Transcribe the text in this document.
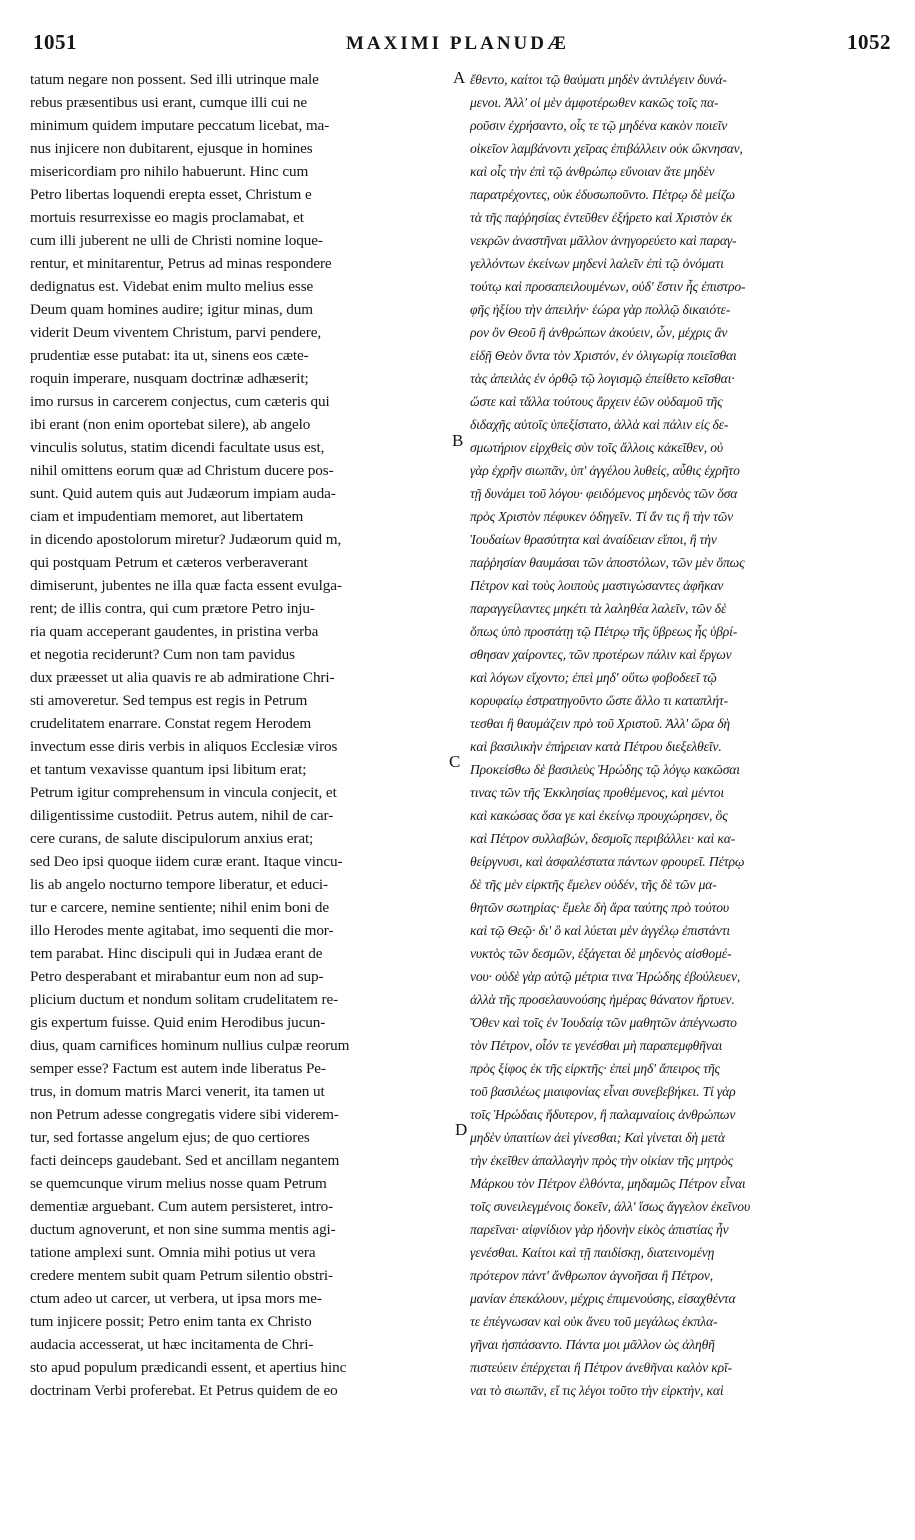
1051	MAXIMI PLANUDÆ	1052
A
B
C
D
tatum negare non possent. Sed illi utrinque male
rebus præsentibus usi erant, cumque illi cui ne
minimum quidem imputare peccatum licebat, ma-
nus injicere non dubitarent, ejusque in homines
misericordiam pro nihilo habuerunt. Hinc cum
Petro libertas loquendi erepta esset, Christum e
mortuis resurrexisse eo magis proclamabat, et
cum illi juberent ne ulli de Christi nomine loque-
rentur, et minitarentur, Petrus ad minas respondere
dedignatus est. Videbat enim multo melius esse
Deum quam homines audire; igitur minas, dum
viderit Deum viventem Christum, parvi pendere,
prudentiæ esse putabat: ita ut, sinens eos cæte-
roquin imperare, nusquam doctrinæ adhæserit;
imo rursus in carcerem conjectus, cum cæteris qui
ibi erant (non enim oportebat silere), ab angelo
vinculis solutus, statim dicendi facultate usus est,
nihil omittens eorum quæ ad Christum ducere pos-
sunt. Quid autem quis aut Judæorum impiam auda-
ciam et impudentiam memoret, aut libertatem
in dicendo apostolorum miretur? Judæorum quid m,
qui postquam Petrum et cæteros verberaverant
dimiserunt, jubentes ne illa quæ facta essent evulga-
rent; de illis contra, qui cum prætore Petro inju-
ria quam acceperant gaudentes, in pristina verba
et negotia reciderunt? Cum non tam pavidus
dux præesset ut alia quavis re ab admiratione Chri-
sti amoveretur. Sed tempus est regis in Petrum
crudelitatem enarrare. Constat regem Herodem
invectum esse diris verbis in aliquos Ecclesiæ viros
et tantum vexavisse quantum ipsi libitum erat;
Petrum igitur comprehensum in vincula conjecit, et
diligentissime custodiit. Petrus autem, nihil de car-
cere curans, de salute discipulorum anxius erat;
sed Deo ipsi quoque iidem curæ erant. Itaque vincu-
lis ab angelo nocturno tempore liberatur, et educi-
tur e carcere, nemine sentiente; nihil enim boni de
illo Herodes mente agitabat, imo sequenti die mor-
tem parabat. Hinc discipuli qui in Judæa erant de
Petro desperabant et mirabantur eum non ad sup-
plicium ductum et nondum solitam crudelitatem re-
gis expertum fuisse. Quid enim Herodibus jucun-
dius, quam carnifices hominum nullius culpæ reorum
semper esse? Factum est autem inde liberatus Pe-
trus, in domum matris Marci venerit, ita tamen ut
non Petrum adesse congregatis videre sibi viderem-
tur, sed fortasse angelum ejus; de quo certiores
facti deinceps gaudebant. Sed et ancillam negantem
se quemcunque virum melius nosse quam Petrum
dementiæ arguebant. Cum autem persisteret, intro-
ductum agnoverunt, et non sine summa mentis agi-
tatione amplexi sunt. Omnia mihi potius ut vera
credere mentem subit quam Petrum silentio obstri-
ctum adeo ut carcer, ut verbera, ut ipsa mors me-
tum injicere possit; Petro enim tanta ex Christo
audacia accesserat, ut hæc incitamenta de Chri-
sto apud populum prædicandi essent, et apertius hinc
doctrinam Verbi proferebat. Et Petrus quidem de eo
ἔθεντο, καίτοι τῷ θαύματι μηδὲν ἀντιλέγειν δυνά-
μενοι. Ἀλλ' οἱ μὲν ἀμφοτέρωθεν κακῶς τοῖς πα-
ροῦσιν ἐχρήσαντο, οἷς τε τῷ μηδένα κακὸν ποιεῖν
οἰκεῖον λαμβάνοντι χεῖρας ἐπιβάλλειν οὐκ ὤκνησαν,
καὶ οἷς τὴν ἐπὶ τῷ ἀνθρώπῳ εὔνοιαν ἅτε μηδὲν
παρατρέχοντες, οὐκ ἐδυσωποῦντο. Πέτρῳ δὲ μείζω
τὰ τῆς παῤῥησίας ἐντεῦθεν ἐξήρετο καὶ Χριστὸν ἐκ
νεκρῶν ἀναστῆναι μᾶλλον ἀνηγορεύετο καὶ παραγ-
γελλόντων ἐκείνων μηδενὶ λαλεῖν ἐπὶ τῷ ὀνόματι
τούτῳ καὶ προσαπειλουμένων, οὐδ' ἔστιν ἧς ἐπιστρο-
φῆς ἠξίου τὴν ἀπειλήν· ἑώρα γὰρ πολλῷ δικαιότε-
ρον ὂν Θεοῦ ἢ ἀνθρώπων ἀκούειν, ὧν, μέχρις ἂν
εἰδῇ Θεὸν ὄντα τὸν Χριστόν, ἐν ὀλιγωρίᾳ ποιεῖσθαι
τὰς ἀπειλὰς ἐν ὀρθῷ τῷ λογισμῷ ἐπείθετο κεῖσθαι·
ὥστε καὶ τἄλλα τούτους ἄρχειν ἐῶν οὐδαμοῦ τῆς
διδαχῆς αὐτοῖς ὑπεξίστατο, ἀλλὰ καὶ πάλιν εἰς δε-
σμωτήριον εἱρχθεὶς σὺν τοῖς ἄλλοις κἀκεῖθεν, οὐ
γὰρ ἐχρῆν σιωπᾶν, ὑπ' ἀγγέλου λυθείς, αὖθις ἐχρῆτο
τῇ δυνάμει τοῦ λόγου· φειδόμενος μηδενὸς τῶν ὅσα
πρὸς Χριστὸν πέφυκεν ὁδηγεῖν. Τί ἄν τις ἢ τὴν τῶν
Ἰουδαίων θρασύτητα καὶ ἀναίδειαν εἴποι, ἢ τὴν
παῤῥησίαν θαυμάσαι τῶν ἀποστόλων, τῶν μὲν ὅπως
Πέτρον καὶ τοὺς λοιποὺς μαστιγώσαντες ἀφῆκαν
παραγγείλαντες μηκέτι τὰ λαληθέα λαλεῖν, τῶν δὲ
ὅπως ὑπὸ προστάτῃ τῷ Πέτρῳ τῆς ὕβρεως ἧς ὑβρί-
σθησαν χαίροντες, τῶν προτέρων πάλιν καὶ ἔργων
καὶ λόγων εἴχοντο; ἐπεὶ μηδ' οὕτω φοβοδεεῖ τῷ
κορυφαίῳ ἐστρατηγοῦντο ὥστε ἄλλο τι καταπλήτ-
τεσθαι ἢ θαυμάζειν πρὸ τοῦ Χριστοῦ. Ἀλλ' ὥρα δὴ
καὶ βασιλικὴν ἐπήρειαν κατὰ Πέτρου διεξελθεῖν.
Προκείσθω δὲ βασιλεὺς Ἡρώδης τῷ λόγῳ κακῶσαι
τινας τῶν τῆς Ἐκκλησίας προθέμενος, καὶ μέντοι
καὶ κακώσας ὅσα γε καὶ ἐκείνῳ προυχώρησεν, ὃς
καὶ Πέτρον συλλαβών, δεσμοῖς περιβάλλει· καὶ κα-
θείργνυσι, καὶ ἀσφαλέστατα πάντων φρουρεῖ. Πέτρῳ
δὲ τῆς μὲν εἱρκτῆς ἔμελεν οὐδέν, τῆς δὲ τῶν μα-
θητῶν σωτηρίας· ἔμελε δὴ ἄρα ταύτης πρὸ τούτου
καὶ τῷ Θεῷ· δι' ὃ καὶ λύεται μὲν ἀγγέλῳ ἐπιστάντι
νυκτὸς τῶν δεσμῶν, ἐξάγεται δὲ μηδενὸς αἰσθομέ-
νου· οὐδὲ γὰρ αὐτῷ μέτρια τινα Ἡρώδης ἐβούλευεν,
ἀλλὰ τῆς προσελαυνούσης ἡμέρας θάνατον ἤρτυεν.
Ὅθεν καὶ τοῖς ἐν Ἰουδαίᾳ τῶν μαθητῶν ἀπέγνωστο
τὸν Πέτρον, οἷόν τε γενέσθαι μὴ παραπεμφθῆναι
πρὸς ξίφος ἐκ τῆς εἱρκτῆς· ἐπεὶ μηδ' ἄπειρος τῆς
τοῦ βασιλέως μιαιφονίας εἶναι συνεβεβήκει. Τί γὰρ
τοῖς Ἡρώδαις ἥδυτερον, ἢ παλαμναίοις ἀνθρώπων
μηδὲν ὑπαιτίων ἀεὶ γίνεσθαι; Καὶ γίνεται δὴ μετὰ
τὴν ἐκεῖθεν ἀπαλλαγὴν πρὸς τὴν οἰκίαν τῆς μητρὸς
Μάρκου τὸν Πέτρον ἐλθόντα, μηδαμῶς Πέτρον εἶναι
τοῖς συνειλεγμένοις δοκεῖν, ἀλλ' ἴσως ἄγγελον ἐκεῖνου
παρεῖναι· αἰφνίδιον γὰρ ἡδονὴν εἰκὸς ἀπιστίας ἦν
γενέσθαι. Καίτοι καὶ τῇ παιδίσκῃ, διατεινομένῃ
πρότερον πάντ' ἄνθρωπον ἀγνοῆσαι ἢ Πέτρον,
μανίαν ἐπεκάλουν, μέχρις ἐπιμενούσης, εἰσαχθέντα
τε ἐπέγνωσαν καὶ οὐκ ἄνευ τοῦ μεγάλως ἐκπλα-
γῆναι ἠσπάσαντο. Πάντα μοι μᾶλλον ὡς ἀληθῆ
πιστεύειν ἐπέρχεται ἢ Πέτρον ἀνεθῆναι καλὸν κρῖ-
ναι τὸ σιωπᾶν, εἴ τις λέγοι τοῦτο τὴν εἱρκτὴν, καὶ
